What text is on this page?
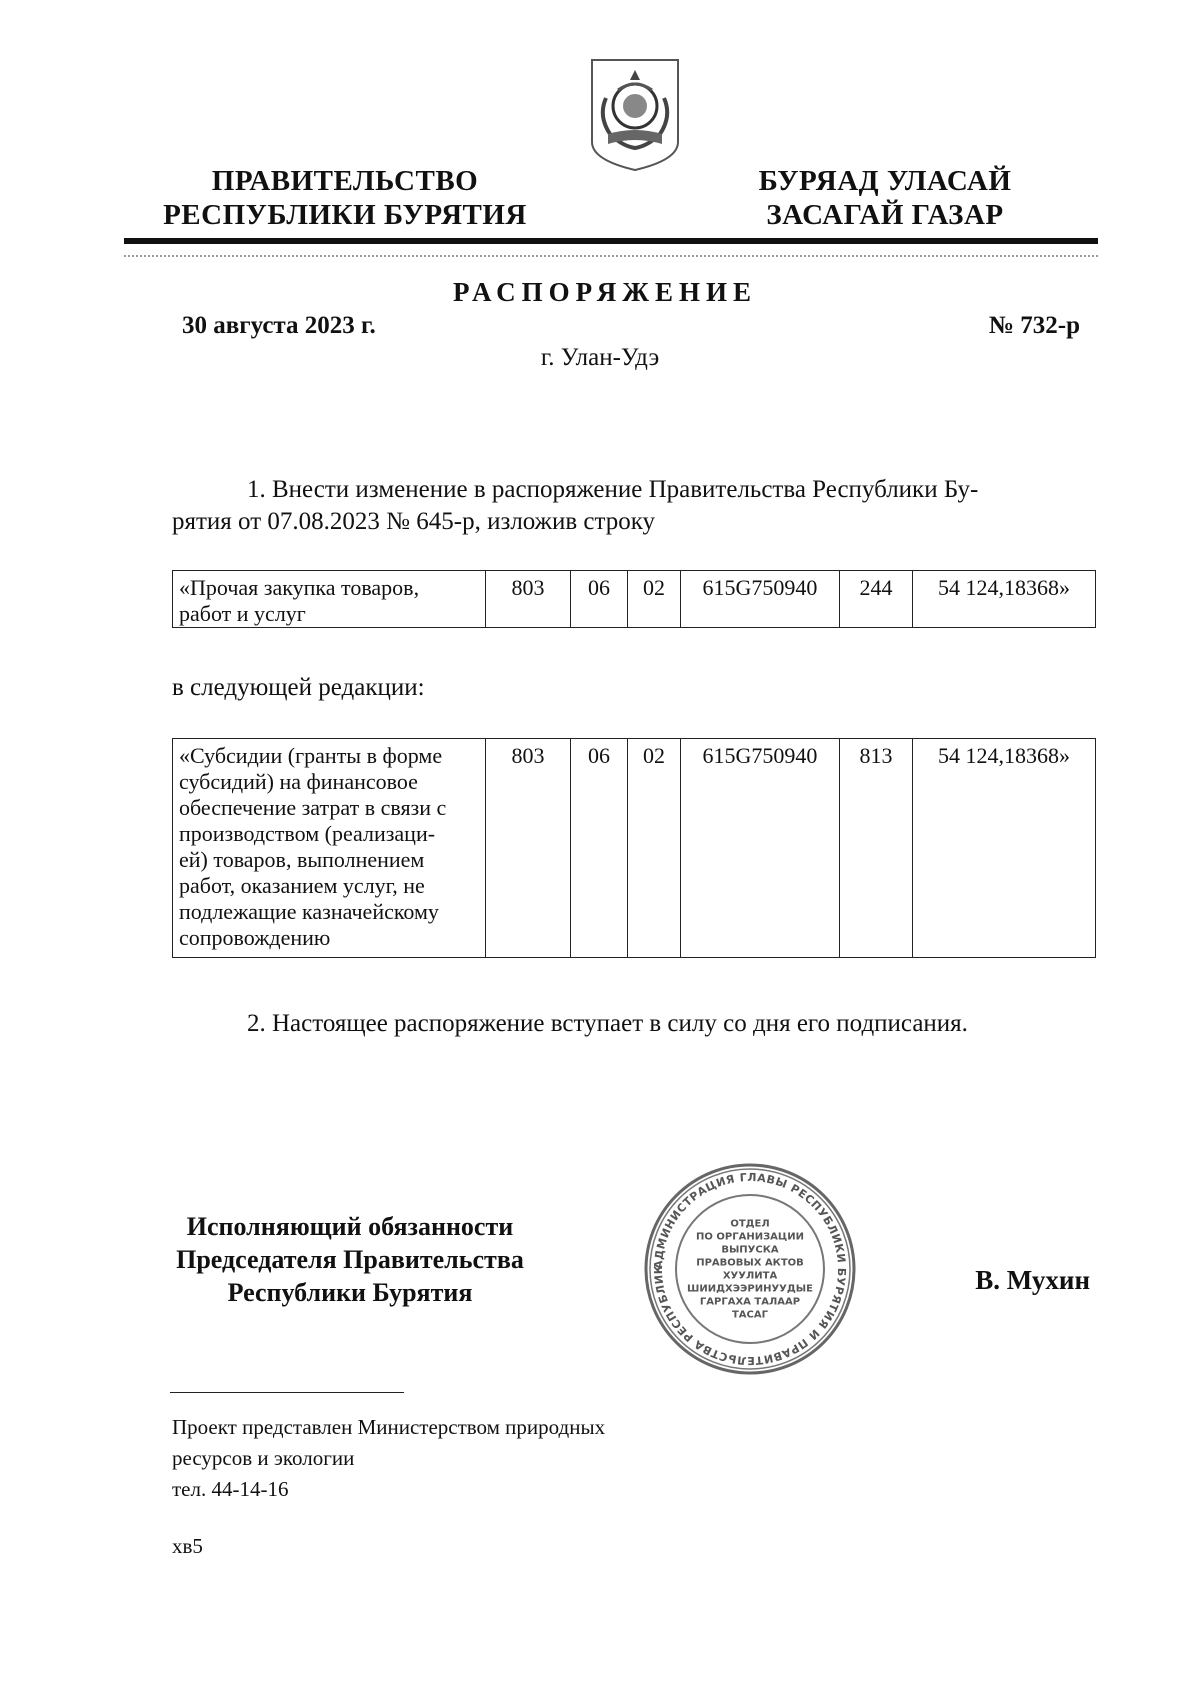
ПРАВИТЕЛЬСТВО
РЕСПУБЛИКИ БУРЯТИЯ
БУРЯАД УЛАСАЙ
ЗАСАГАЙ ГАЗАР
РАСПОРЯЖЕНИЕ
30 августа 2023 г.	№ 732-р
г. Улан-Удэ
1. Внести изменение в распоряжение Правительства Республики Бу-
рятия от 07.08.2023 № 645-р, изложив строку
«Прочая закупка товаров,
работ и услуг	803	06	02	615G750940	244	54 124,18368»
в следующей редакции:
«Субсидии (гранты в форме
субсидий) на финансовое
обеспечение затрат в связи с
производством (реализаци-
ей) товаров, выполнением
работ, оказанием услуг, не
подлежащие казначейскому
сопровождению	803	06	02	615G750940	813	54 124,18368»
2. Настоящее распоряжение вступает в силу со дня его подписания.
Исполняющий обязанности
Председателя Правительства
Республики Бурятия
АДМИНИСТРАЦИЯ ГЛАВЫ РЕСПУБЛИКИ БУРЯТИЯ И ПРАВИТЕЛЬСТВА РЕСПУБЛИК
ОТДЕЛ
ПО ОРГАНИЗАЦИИ
ВЫПУСКА
ПРАВОВЫХ АКТОВ
ХУУЛИТА
ШИИДХЭЭРИНУУДЫЕ
ГАРГАХА ТАЛААР
ТАСАГ
В. Мухин
Проект представлен Министерством природных
ресурсов и экологии
тел. 44-14-16
хв5
